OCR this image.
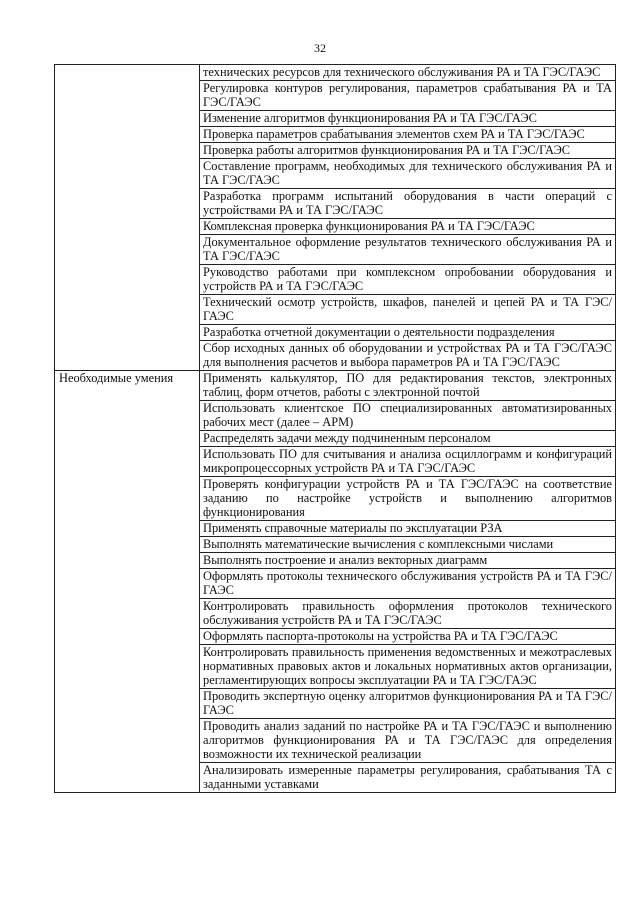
32
	технических ресурсов для технического обслуживания РА и ТА ГЭС/ГАЭС
	Регулировка контуров регулирования, параметров срабатывания РА и ТА ГЭС/ГАЭС
	Изменение алгоритмов функционирования РА и ТА ГЭС/ГАЭС
	Проверка параметров срабатывания элементов схем РА и ТА ГЭС/ГАЭС
	Проверка работы алгоритмов функционирования РА и ТА ГЭС/ГАЭС
	Составление программ, необходимых для технического обслуживания РА и ТА ГЭС/ГАЭС
	Разработка программ испытаний оборудования в части операций с устройствами РА и ТА ГЭС/ГАЭС
	Комплексная проверка функционирования РА и ТА ГЭС/ГАЭС
	Документальное оформление результатов технического обслуживания РА и ТА ГЭС/ГАЭС
	Руководство работами при комплексном опробовании оборудования и устройств РА и ТА ГЭС/ГАЭС
	Технический осмотр устройств, шкафов, панелей и цепей РА и ТА ГЭС/ГАЭС
	Разработка отчетной документации о деятельности подразделения
	Сбор исходных данных об оборудовании и устройствах РА и ТА ГЭС/ГАЭС для выполнения расчетов и выбора параметров РА и ТА ГЭС/ГАЭС
Необходимые умения	Применять калькулятор, ПО для редактирования текстов, электронных таблиц, форм отчетов, работы с электронной почтой
	Использовать клиентское ПО специализированных автоматизированных рабочих мест (далее – АРМ)
	Распределять задачи между подчиненным персоналом
	Использовать ПО для считывания и анализа осциллограмм и конфигураций микропроцессорных устройств РА и ТА ГЭС/ГАЭС
	Проверять конфигурации устройств РА и ТА ГЭС/ГАЭС на соответствие заданию по настройке устройств и выполнению алгоритмов функционирования
	Применять справочные материалы по эксплуатации РЗА
	Выполнять математические вычисления с комплексными числами
	Выполнять построение и анализ векторных диаграмм
	Оформлять протоколы технического обслуживания устройств РА и ТА ГЭС/ГАЭС
	Контролировать правильность оформления протоколов технического обслуживания устройств РА и ТА ГЭС/ГАЭС
	Оформлять паспорта-протоколы на устройства РА и ТА ГЭС/ГАЭС
	Контролировать правильность применения ведомственных и межотраслевых нормативных правовых актов и локальных нормативных актов организации, регламентирующих вопросы эксплуатации РА и ТА ГЭС/ГАЭС
	Проводить экспертную оценку алгоритмов функционирования РА и ТА ГЭС/ГАЭС
	Проводить анализ заданий по настройке РА и ТА ГЭС/ГАЭС и выполнению алгоритмов функционирования РА и ТА ГЭС/ГАЭС для определения возможности их технической реализации
	Анализировать измеренные параметры регулирования, срабатывания ТА с заданными уставками
